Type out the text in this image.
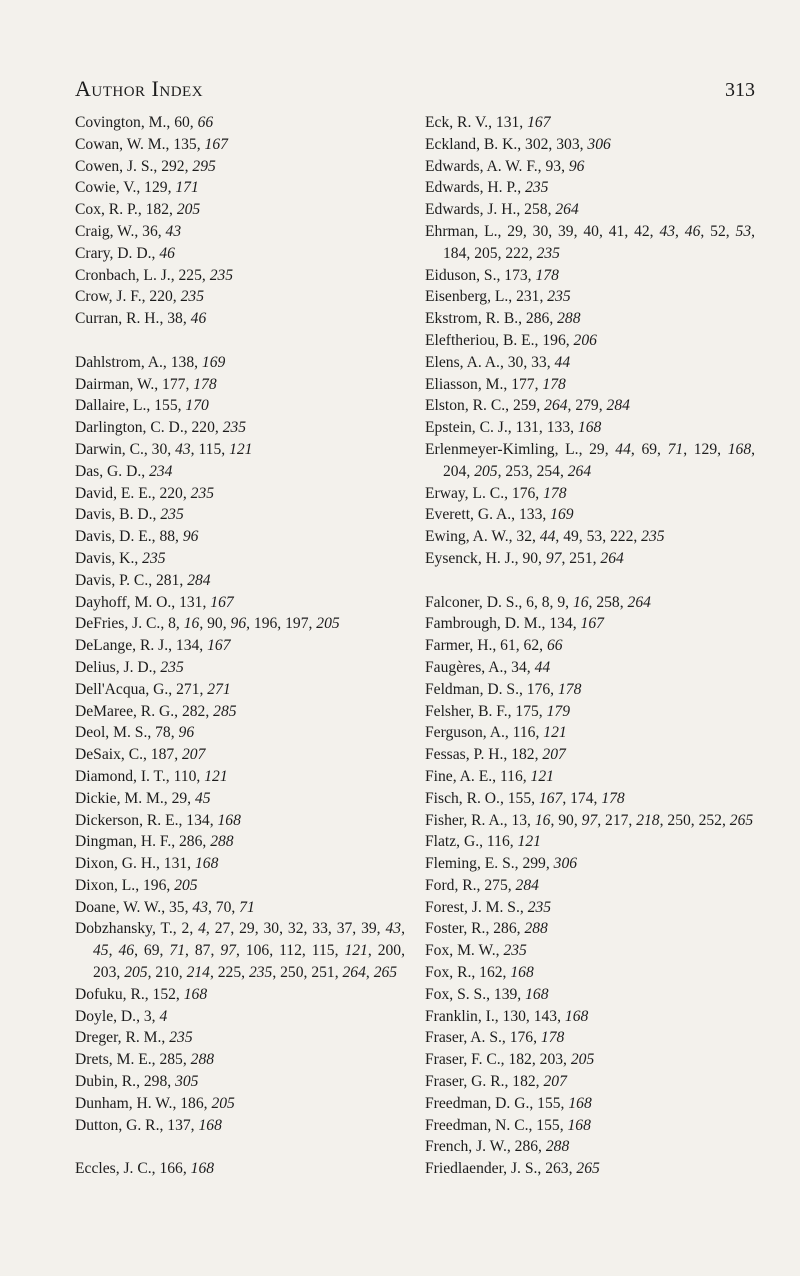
Author Index	313
Covington, M., 60, 66
Cowan, W. M., 135, 167
Cowen, J. S., 292, 295
Cowie, V., 129, 171
Cox, R. P., 182, 205
Craig, W., 36, 43
Crary, D. D., 46
Cronbach, L. J., 225, 235
Crow, J. F., 220, 235
Curran, R. H., 38, 46
Dahlstrom, A., 138, 169
Dairman, W., 177, 178
Dallaire, L., 155, 170
Darlington, C. D., 220, 235
Darwin, C., 30, 43, 115, 121
Das, G. D., 234
David, E. E., 220, 235
Davis, B. D., 235
Davis, D. E., 88, 96
Davis, K., 235
Davis, P. C., 281, 284
Dayhoff, M. O., 131, 167
DeFries, J. C., 8, 16, 90, 96, 196, 197, 205
DeLange, R. J., 134, 167
Delius, J. D., 235
Dell'Acqua, G., 271, 271
DeMaree, R. G., 282, 285
Deol, M. S., 78, 96
DeSaix, C., 187, 207
Diamond, I. T., 110, 121
Dickie, M. M., 29, 45
Dickerson, R. E., 134, 168
Dingman, H. F., 286, 288
Dixon, G. H., 131, 168
Dixon, L., 196, 205
Doane, W. W., 35, 43, 70, 71
Dobzhansky, T., 2, 4, 27, 29, 30, 32, 33, 37, 39, 43, 45, 46, 69, 71, 87, 97, 106, 112, 115, 121, 200, 203, 205, 210, 214, 225, 235, 250, 251, 264, 265
Dofuku, R., 152, 168
Doyle, D., 3, 4
Dreger, R. M., 235
Drets, M. E., 285, 288
Dubin, R., 298, 305
Dunham, H. W., 186, 205
Dutton, G. R., 137, 168
Eccles, J. C., 166, 168
Eck, R. V., 131, 167
Eckland, B. K., 302, 303, 306
Edwards, A. W. F., 93, 96
Edwards, H. P., 235
Edwards, J. H., 258, 264
Ehrman, L., 29, 30, 39, 40, 41, 42, 43, 46, 52, 53, 184, 205, 222, 235
Eiduson, S., 173, 178
Eisenberg, L., 231, 235
Ekstrom, R. B., 286, 288
Eleftheriou, B. E., 196, 206
Elens, A. A., 30, 33, 44
Eliasson, M., 177, 178
Elston, R. C., 259, 264, 279, 284
Epstein, C. J., 131, 133, 168
Erlenmeyer-Kimling, L., 29, 44, 69, 71, 129, 168, 204, 205, 253, 254, 264
Erway, L. C., 176, 178
Everett, G. A., 133, 169
Ewing, A. W., 32, 44, 49, 53, 222, 235
Eysenck, H. J., 90, 97, 251, 264
Falconer, D. S., 6, 8, 9, 16, 258, 264
Fambrough, D. M., 134, 167
Farmer, H., 61, 62, 66
Faugères, A., 34, 44
Feldman, D. S., 176, 178
Felsher, B. F., 175, 179
Ferguson, A., 116, 121
Fessas, P. H., 182, 207
Fine, A. E., 116, 121
Fisch, R. O., 155, 167, 174, 178
Fisher, R. A., 13, 16, 90, 97, 217, 218, 250, 252, 265
Flatz, G., 116, 121
Fleming, E. S., 299, 306
Ford, R., 275, 284
Forest, J. M. S., 235
Foster, R., 286, 288
Fox, M. W., 235
Fox, R., 162, 168
Fox, S. S., 139, 168
Franklin, I., 130, 143, 168
Fraser, A. S., 176, 178
Fraser, F. C., 182, 203, 205
Fraser, G. R., 182, 207
Freedman, D. G., 155, 168
Freedman, N. C., 155, 168
French, J. W., 286, 288
Friedlaender, J. S., 263, 265
